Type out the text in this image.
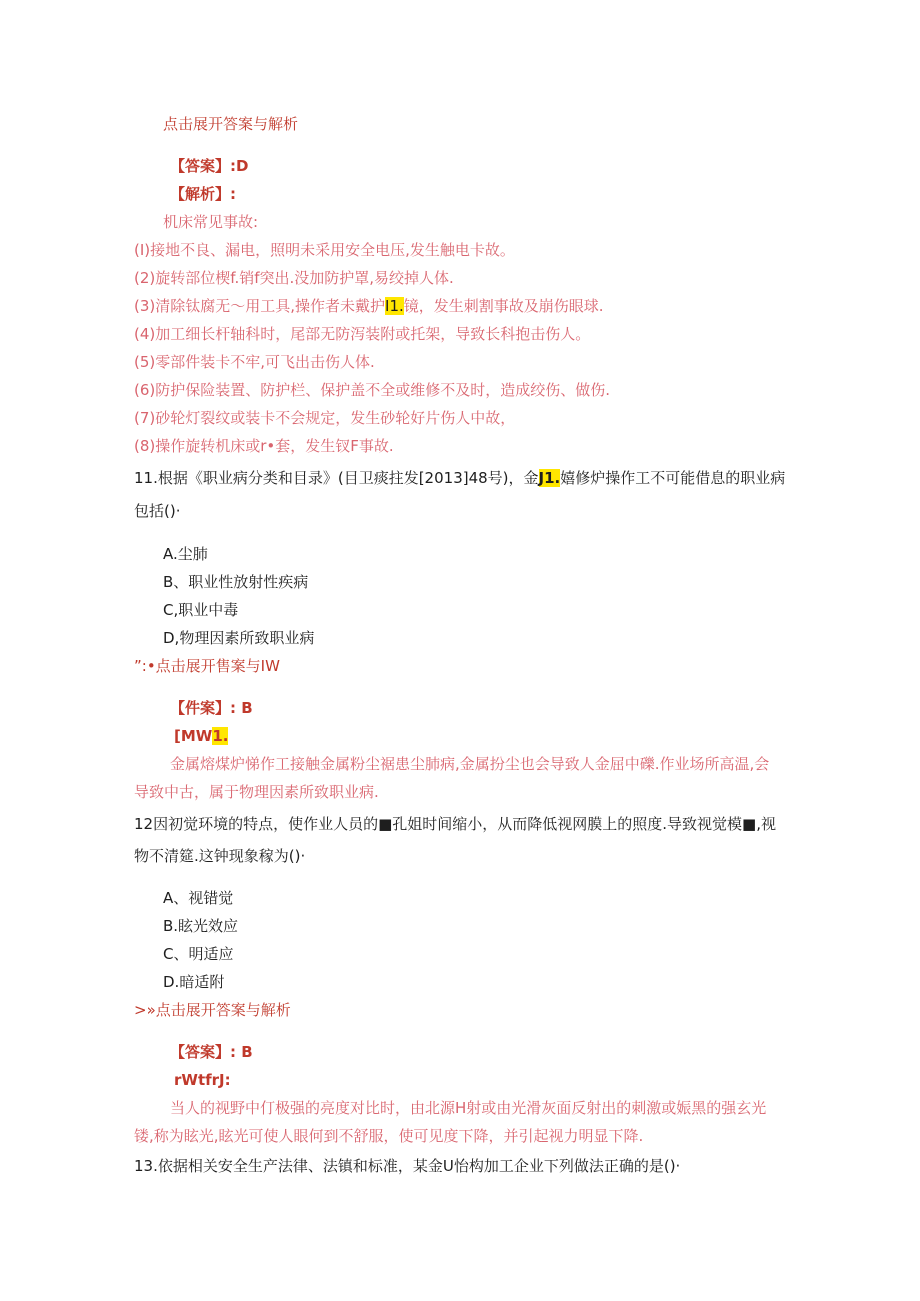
点击展开答案与解析
【答案】:D
【解析】:
机床常见事故:
(I)接地不良、漏电，照明未采用安全电压,发生触电卡故。
(2)旋转部位楔f.销f突出.没加防护罩,易绞掉人体.
(3)清除钛腐无〜用工具,操作者未戴护I1.镜，发生刺割事故及崩伤眼球.
(4)加工细长杆轴科时，尾部无防泻装附或托架，导致长科抱击伤人。
(5)零部件装卡不牢,可飞出击伤人体.
(6)防护保险装置、防护栏、保护盖不全或维修不及时，造成绞伤、做伤.
(7)砂轮灯裂纹或装卡不会规定，发生砂轮好片伤人中故，
(8)操作旋转机床或r•套，发生钗F事故.
11.根据《职业病分类和目录》(目卫痰拄发[2013]48号)，金J1.嬉修炉操作工不可能借息的职业病
包括()·
A.尘肺
B、职业性放射性疾病
C,职业中毒
D,物理因素所致职业病
”:•点击展开售案与IW
【件案】: B
[MW1.
金属熔煤炉悌作工接触金属粉尘裾患尘肺病,金属扮尘也会导致人金屈中礫.作业场所高温,会
导致中古，属于物理因素所致职业病.
12因初觉环境的特点，使作业人员的■孔姐时间缩小，从而降低视网膜上的照度.导致视觉模■,视
物不清筵.这钟现象稼为()·
A、视错觉
B.眩光效应
C、明适应
D.暗适附
>»点击展开答案与解析
【答案】: B
rWtfrJ:
当人的视野中仃极强的亮度对比时，由北源H射或由光滑灰面反射出的刺激或娠黑的强玄光
镂,称为眩光,眩光可使人眼何到不舒服，使可见度下降，并引起视力明显下降.
13.依据相关安全生产法律、法镇和标准，某金U怡构加工企业下列做法正确的是()·
